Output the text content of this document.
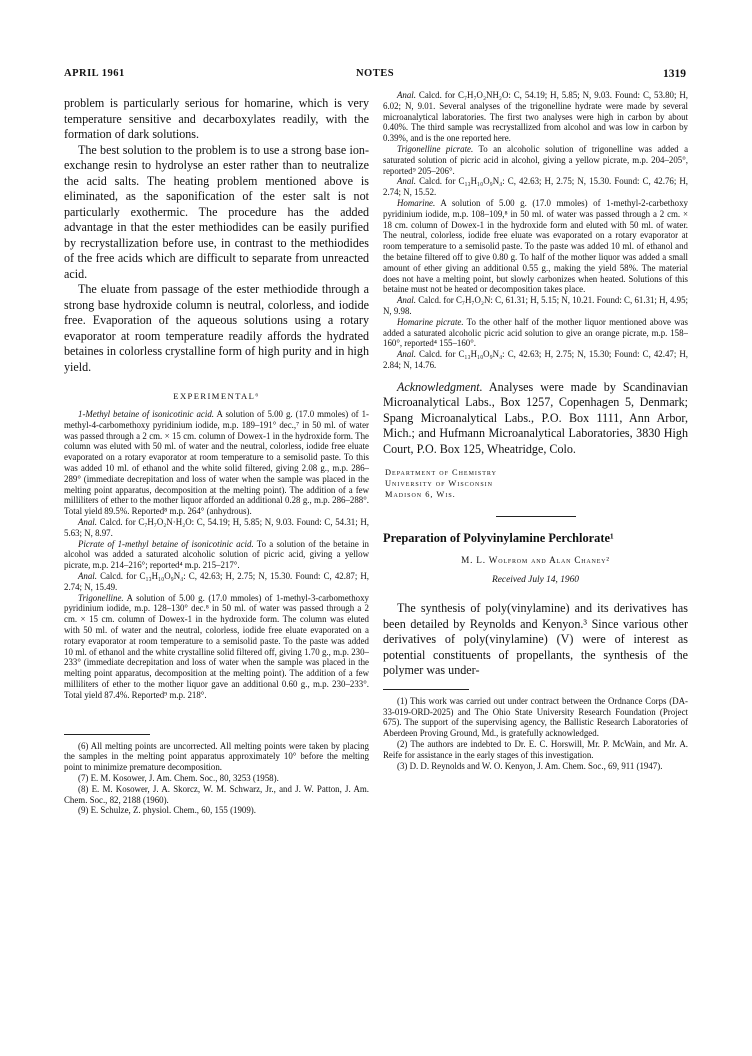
APRIL 1961	NOTES	1319

problem is particularly serious for homarine, which is very temperature sensitive and decarboxylates readily, with the formation of dark solutions.

The best solution to the problem is to use a strong base ion-exchange resin to hydrolyse an ester rather than to neutralize the acid salts. The heating problem mentioned above is eliminated, as the saponification of the ester salt is not particularly exothermic. The procedure has the added advantage in that the ester methiodides can be easily purified by recrystallization before use, in contrast to the methiodides of the free acids which are difficult to separate from unreacted acid.

The eluate from passage of the ester methiodide through a strong base hydroxide column is neutral, colorless, and iodide free. Evaporation of the aqueous solutions using a rotary evaporator at room temperature readily affords the hydrated betaines in colorless crystalline form of high purity and in high yield.

EXPERIMENTAL⁶

1-Methyl betaine of isonicotinic acid. A solution of 5.00 g. (17.0 mmoles) of 1-methyl-4-carbomethoxy pyridinium iodide, m.p. 189–191° dec.,⁷ in 50 ml. of water was passed through a 2 cm. × 15 cm. column of Dowex-1 in the hydroxide form. The column was eluted with 50 ml. of water and the neutral, colorless, iodide free eluate evaporated on a rotary evaporator at room temperature to a semisolid paste. To this was added 10 ml. of ethanol and the white solid filtered, giving 2.08 g., m.p. 286–289° (immediate decrepitation and loss of water when the sample was placed in the melting point apparatus, decomposition at the melting point). The addition of a few milliliters of ether to the mother liquor afforded an additional 0.28 g., m.p. 286–288°. Total yield 89.5%. Reported⁸ m.p. 264° (anhydrous).

Anal. Calcd. for C₇H₇O₂N·H₂O: C, 54.19; H, 5.85; N, 9.03. Found: C, 54.31; H, 5.63; N, 8.97.

Picrate of 1-methyl betaine of isonicotinic acid. To a solution of the betaine in alcohol was added a saturated alcoholic solution of picric acid, giving a yellow picrate, m.p. 214–216°; reported⁴ m.p. 215–217°.

Anal. Calcd. for C₁₃H₁₀O₉N₄: C, 42.63; H, 2.75; N, 15.30. Found: C, 42.87; H, 2.74; N, 15.49.

Trigonelline. A solution of 5.00 g. (17.0 mmoles) of 1-methyl-3-carbomethoxy pyridinium iodide, m.p. 128–130° dec.⁸ in 50 ml. of water was passed through a 2 cm. × 15 cm. column of Dowex-1 in the hydroxide form. The column was eluted with 50 ml. of water and the neutral, colorless, iodide free eluate evaporated on a rotary evaporator at room temperature to a semisolid paste. To the paste was added 10 ml. of ethanol and the white crystalline solid filtered off, giving 1.70 g., m.p. 230–233° (immediate decrepitation and loss of water when the sample was placed in the melting point apparatus, decomposition at the melting point). The addition of a few milliliters of ether to the mother liquor gave an additional 0.60 g., m.p. 230–233°. Total yield 87.4%. Reported⁹ m.p. 218°.

(6) All melting points are uncorrected. All melting points were taken by placing the samples in the melting point apparatus approximately 10° before the melting point to minimize premature decomposition.

(7) E. M. Kosower, J. Am. Chem. Soc., 80, 3253 (1958).

(8) E. M. Kosower, J. A. Skorcz, W. M. Schwarz, Jr., and J. W. Patton, J. Am. Chem. Soc., 82, 2188 (1960).

(9) E. Schulze, Z. physiol. Chem., 60, 155 (1909).

Anal. Calcd. for C₇H₇O₂NH₂O: C, 54.19; H, 5.85; N, 9.03. Found: C, 53.80; H, 6.02; N, 9.01. Several analyses of the trigonelline hydrate were made by several microanalytical laboratories. The first two analyses were high in carbon by about 0.40%. The third sample was recrystallized from alcohol and was low in carbon by 0.39%, and is the one reported here.

Trigonelline picrate. To an alcoholic solution of trigonelline was added a saturated solution of picric acid in alcohol, giving a yellow picrate, m.p. 204–205°, reported⁹ 205–206°.

Anal. Calcd. for C₁₃H₁₀O₉N₄: C, 42.63; H, 2.75; N, 15.30. Found: C, 42.76; H, 2.74; N, 15.52.

Homarine. A solution of 5.00 g. (17.0 mmoles) of 1-methyl-2-carbethoxy pyridinium iodide, m.p. 108–109,⁸ in 50 ml. of water was passed through a 2 cm. × 18 cm. column of Dowex-1 in the hydroxide form and eluted with 50 ml. of water. The neutral, colorless, iodide free eluate was evaporated on a rotary evaporator at room temperature to a semisolid paste. To the paste was added 10 ml. of ethanol and the betaine filtered off to give 0.80 g. To half of the mother liquor was added a small amount of ether giving an additional 0.55 g., making the yield 58%. The material does not have a melting point, but slowly carbonizes when heated. Solutions of this betaine must not be heated or decomposition takes place.

Anal. Calcd. for C₇H₇O₂N: C, 61.31; H, 5.15; N, 10.21. Found: C, 61.31; H, 4.95; N, 9.98.

Homarine picrate. To the other half of the mother liquor mentioned above was added a saturated alcoholic picric acid solution to give an orange picrate, m.p. 158–160°, reported⁴ 155–160°.

Anal. Calcd. for C₁₃H₁₀O₉N₄: C, 42.63; H, 2.75; N, 15.30; Found: C, 42.47; H, 2.84; N, 14.76.

Acknowledgment. Analyses were made by Scandinavian Microanalytical Labs., Box 1257, Copenhagen 5, Denmark; Spang Microanalytical Labs., P.O. Box 1111, Ann Arbor, Mich.; and Hufmann Microanalytical Laboratories, 3830 High Court, P.O. Box 125, Wheatridge, Colo.

Department of Chemistry
University of Wisconsin
Madison 6, Wis.
Preparation of Polyvinylamine Perchlorate¹
M. L. Wolfrom and Alan Chaney²
Received July 14, 1960

The synthesis of poly(vinylamine) and its derivatives has been detailed by Reynolds and Kenyon.³ Since various other derivatives of poly(vinylamine) (V) were of interest as potential constituents of propellants, the synthesis of the polymer was under-

(1) This work was carried out under contract between the Ordnance Corps (DA-33-019-ORD-2025) and The Ohio State University Research Foundation (Project 675). The support of the supervising agency, the Ballistic Research Laboratories of Aberdeen Proving Ground, Md., is gratefully acknowledged.

(2) The authors are indebted to Dr. E. C. Horswill, Mr. P. McWain, and Mr. A. Reife for assistance in the early stages of this investigation.

(3) D. D. Reynolds and W. O. Kenyon, J. Am. Chem. Soc., 69, 911 (1947).
